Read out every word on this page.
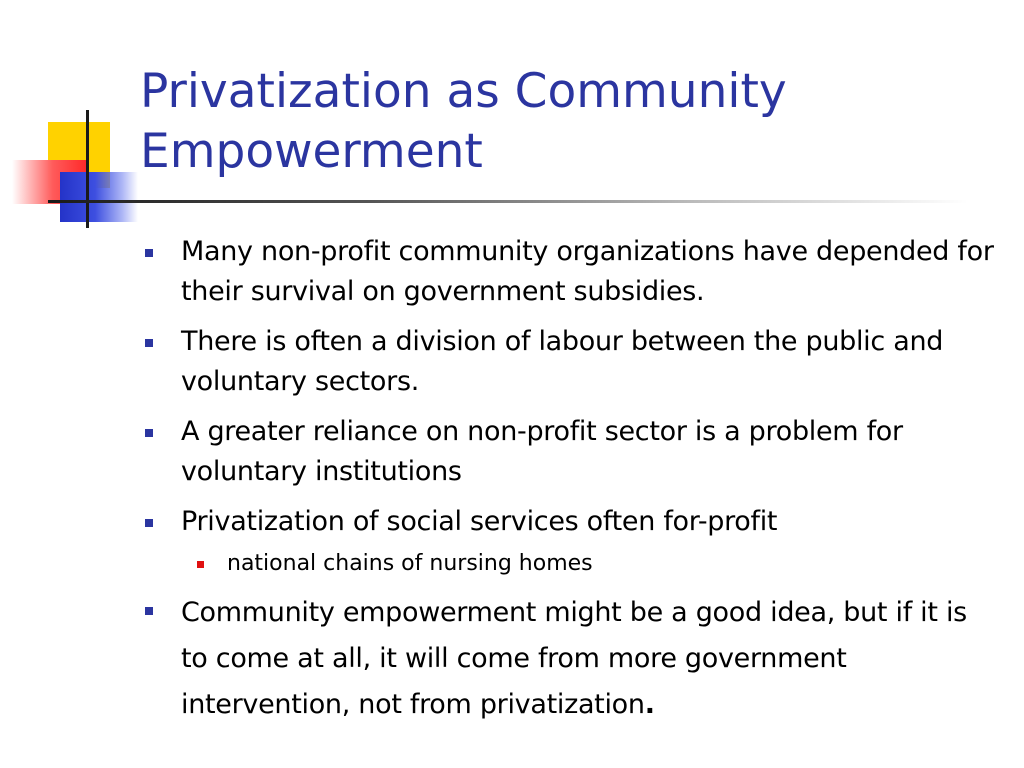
Privatization as Community
Empowerment
Many non-profit community organizations have depended for their survival on government subsidies.
There is often a division of labour between the public and voluntary sectors.
A greater reliance on non-profit sector is a problem for voluntary institutions
Privatization of social services often for-profit
national chains of nursing homes
Community empowerment might be a good idea, but if it is to come at all, it will come from more government intervention, not from privatization.
